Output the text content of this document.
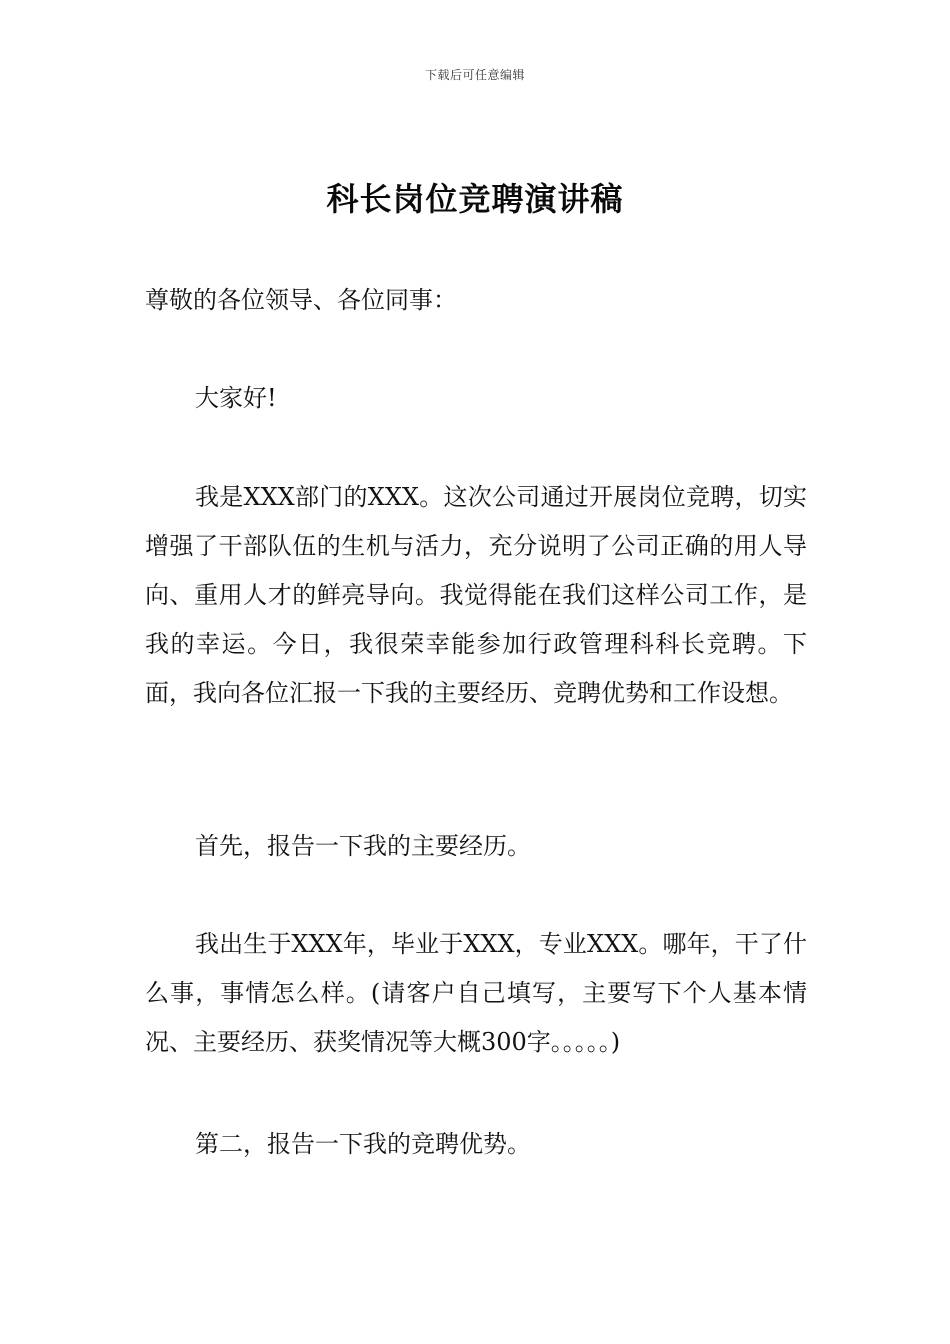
下载后可任意编辑
科长岗位竞聘演讲稿

尊敬的各位领导、各位同事：

大家好!

我是XXX部门的XXX。这次公司通过开展岗位竞聘，切实增强了干部队伍的生机与活力，充分说明了公司正确的用人导向、重用人才的鲜亮导向。我觉得能在我们这样公司工作，是我的幸运。今日，我很荣幸能参加行政管理科科长竞聘。下面，我向各位汇报一下我的主要经历、竞聘优势和工作设想。

首先，报告一下我的主要经历。

我出生于XXX年，毕业于XXX，专业XXX。哪年，干了什么事，事情怎么样。(请客户自己填写，主要写下个人基本情况、主要经历、获奖情况等大概300字。。。。。)

第二，报告一下我的竞聘优势。
